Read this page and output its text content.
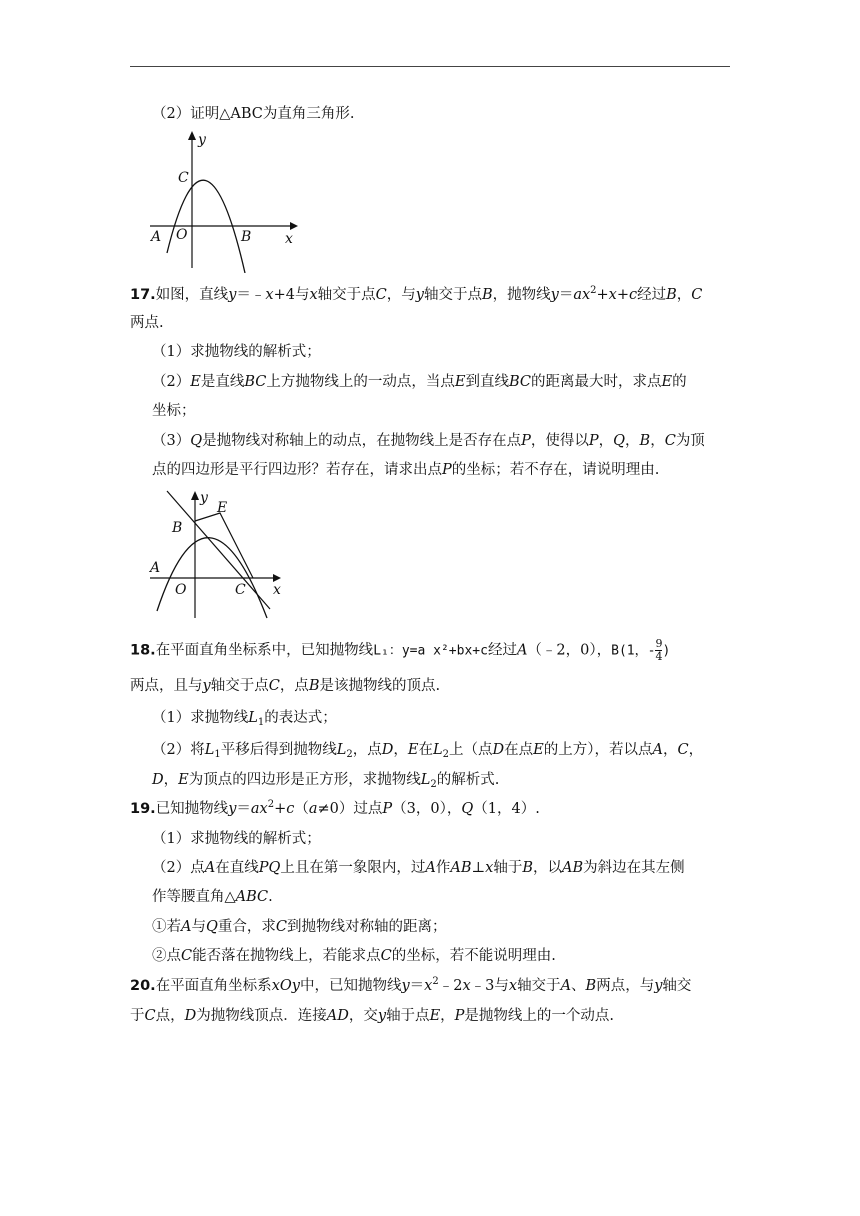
（2）证明△ABC为直角三角形.
y
x
A O	B
C
17.如图，直线y＝﹣x+4与x轴交于点C，与y轴交于点B，抛物线$y=ax^2+x+c$经过B，C
两点.
（1）求抛物线的解析式；
（2）E是直线BC上方抛物线上的一动点，当点E到直线BC的距离最大时，求点E的
坐标；
（3）Q是抛物线对称轴上的动点，在抛物线上是否存在点P，使得以P，Q，B，C为顶
点的四边形是平行四边形？若存在，请求出点P的坐标；若不存在，请说明理由.
y
x
A
O	C
B
E
18.在平面直角坐标系中，已知抛物线L₁：y=a x²+bx+c经过A（﹣2，0），B(1，- $\frac{9}{4}$ )
两点，且与y轴交于点C，点B是该抛物线的顶点.
（1）求抛物线$L_1$的表达式；
（2）将$L_1$平移后得到抛物线$L_2$，点D，E在$L_2$上（点D在点E的上方），若以点A，C，
D，E为顶点的四边形是正方形，求抛物线$L_2$的解析式.
19.已知抛物线$y=ax^2+c(a\ne 0)$过点P（3，0），Q（1，4）.
（1）求抛物线的解析式；
（2）点A在直线PQ上且在第一象限内，过A作AB⊥x轴于B，以AB为斜边在其左侧
作等腰直角△ABC.
①若A与Q重合，求C到抛物线对称轴的距离；
②点C能否落在抛物线上，若能求点C的坐标，若不能说明理由.
20.在平面直角坐标系xOy中，已知抛物线$y=x^2﹣2x﹣3$与x轴交于A、B两点，与y轴交
于C点，D为抛物线顶点．连接AD，交y轴于点E，P是抛物线上的一个动点.
